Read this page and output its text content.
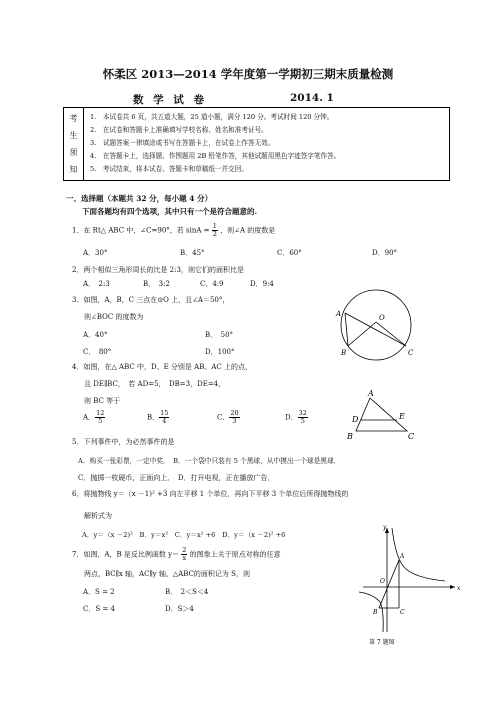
怀柔区 2013—2014 学年度第一学期初三期末质量检测
数 学 试 卷	2014. 1
考
生
须
知
1.　本试卷共 6 页，共五道大题，25 道小题，满分 120 分。考试时间 120 分钟。
2.　在试卷和答题卡上准确填写学校名称、姓名和准考证号。
3.　试题答案一律填涂或书写在答题卡上，在试卷上作答无效。
4.　在答题卡上，选择题、作图题用 2B 铅笔作答，其他试题用黑色字迹签字笔作答。
5.　考试结束，将本试卷、答题卡和草稿纸一并交回。
一、选择题（本题共 32 分，每小题 4 分）
下面各题均有四个选项，其中只有一个是符合题意的.
1．在 Rt△ ABC 中，∠C=90°，若 $\sin A = \frac{1}{2}$ ，则∠A 的度数是
A．30°	B．45°	C．60°	D．90°
2．两个相似三角形周长的比是 2:3，则它们的面积比是
A．　2:3	B．　3:2	C．4:9	D．9:4
3．如图，A，B，C 三点在⊙O 上，且∠A＝50°，
则∠BOC 的度数为
A．40°	B．　50°
C．　80°	D．100°
A	O
B	C
4．如图，在△ ABC 中，D、E 分别是 AB、AC 上的点，
且 DE∥BC，　若 AD=5，　DB=3，DE=4，
则 BC 等于
A． $\frac{12}{5}$	B． $\frac{15}{4}$	C． $\frac{20}{3}$	D． $\frac{32}{5}$
A
D	E
B	C
5．下列事件中，为必然事件的是
A．购买一张彩票，一定中奖．　B．一个袋中只装有 5 个黑球，从中摸出一个球是黑球．
C．抛掷一枚硬币，正面向上．　D．打开电视，正在播放广告．
6．将抛物线 y＝（x －1)² +3 向左平移 1 个单位，再向下平移 3 个单位后所得抛物线的
解析式为
A．y＝（x －2)²　B．y＝x²　C．y＝x² +6　D．y＝（x －2)² +6
7．如图，A，B 是反比例函数 $y= \frac{2}{x}$ 的图象上关于原点对称的任意
两点，BC∥x 轴，AC∥y 轴，△ABC的面积记为 S，则
A．S = 2	B．　2＜S＜4
C．S = 4	D．S＞4
y
A
O
x
B	C
第 7 题图
